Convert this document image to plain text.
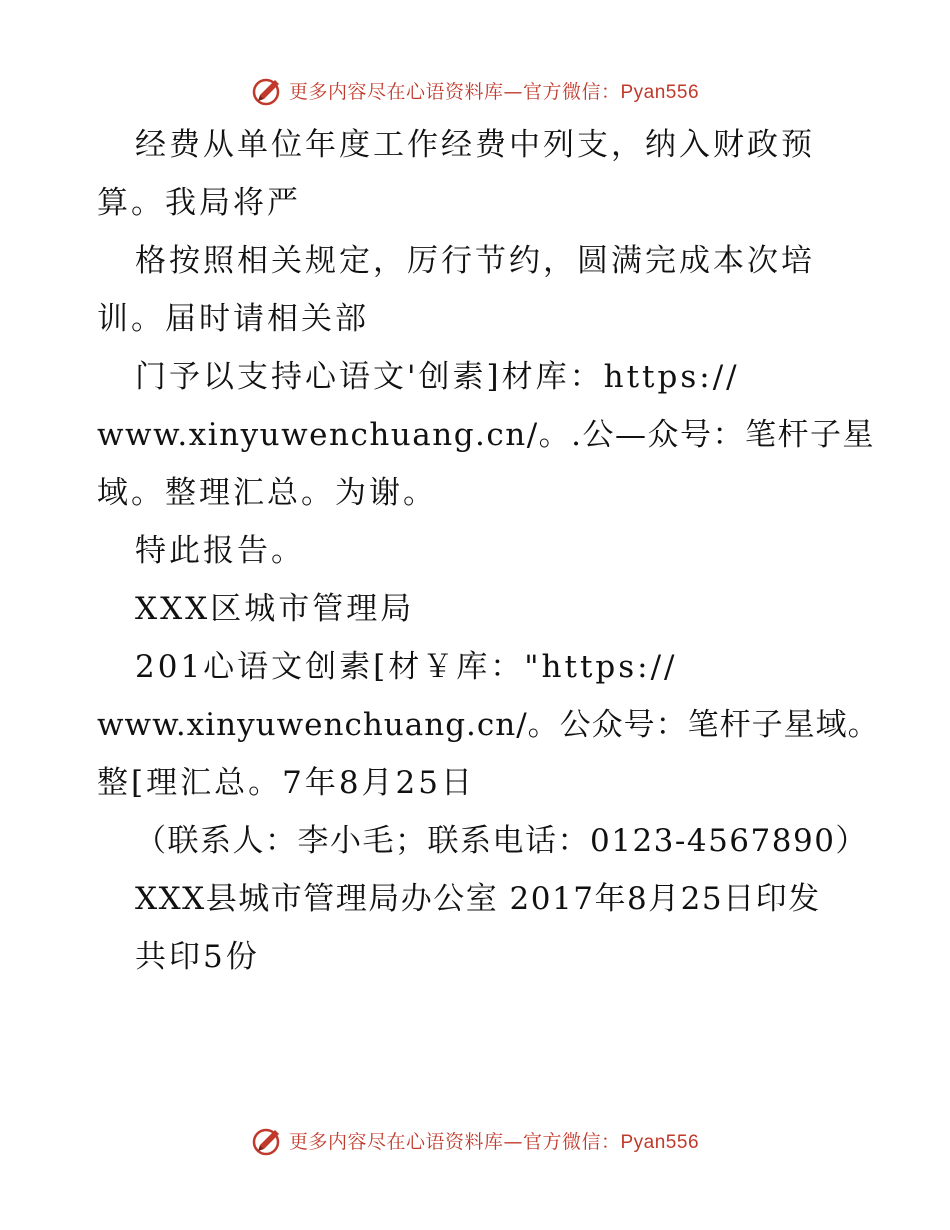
更多内容尽在心语资料库—官方微信：Pyan556
经费从单位年度工作经费中列支，纳入财政预
算。我局将严
格按照相关规定，厉行节约，圆满完成本次培
训。届时请相关部
门予以支持心语文'创素]材库：https://
www.xinyuwenchuang.cn/。.公—众号：笔杆子星
域。整理汇总。为谢。
特此报告。
XXX区城市管理局
201心语文创素[材￥库："https://
www.xinyuwenchuang.cn/。公众号：笔杆子星域。
整[理汇总。7年8月25日
（联系人：李小毛；联系电话：0123-4567890）
XXX县城市管理局办公室 2017年8月25日印发
共印5份
更多内容尽在心语资料库—官方微信：Pyan556
